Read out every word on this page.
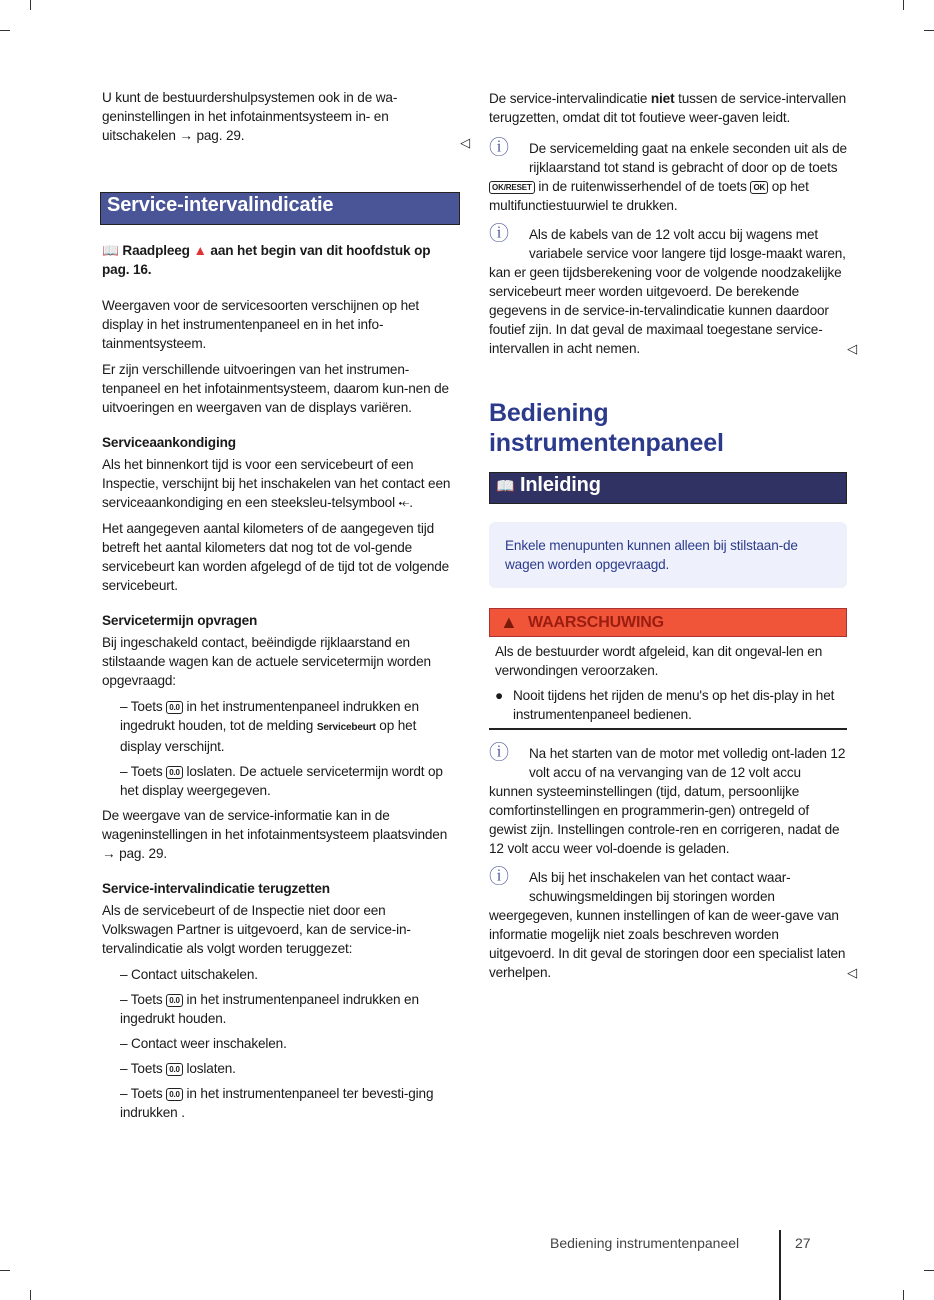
U kunt de bestuurdershulpsystemen ook in de wa-geninstellingen in het infotainmentsysteem in- en uitschakelen → pag. 29.	◁
Service-intervalindicatie
📖 Raadpleeg ▲ aan het begin van dit hoofdstuk op pag. 16.
Weergaven voor de servicesoorten verschijnen op het display in het instrumentenpaneel en in het info-tainmentsysteem.
Er zijn verschillende uitvoeringen van het instrumen-tenpaneel en het infotainmentsysteem, daarom kun-nen de uitvoeringen en weergaven van de displays variëren.
Serviceaankondiging
Als het binnenkort tijd is voor een servicebeurt of een Inspectie, verschijnt bij het inschakelen van het contact een serviceaankondiging en een steeksleu-telsymbool ⤝.
Het aangegeven aantal kilometers of de aangegeven tijd betreft het aantal kilometers dat nog tot de vol-gende servicebeurt kan worden afgelegd of de tijd tot de volgende servicebeurt.
Servicetermijn opvragen
Bij ingeschakeld contact, beëindigde rijklaarstand en stilstaande wagen kan de actuele servicetermijn worden opgevraagd:
– Toets 0.0 in het instrumentenpaneel indrukken en ingedrukt houden, tot de melding Servicebeurt op het display verschijnt.
– Toets 0.0 loslaten. De actuele servicetermijn wordt op het display weergegeven.
De weergave van de service-informatie kan in de wageninstellingen in het infotainmentsysteem plaatsvinden → pag. 29.
Service-intervalindicatie terugzetten
Als de servicebeurt of de Inspectie niet door een Volkswagen Partner is uitgevoerd, kan de service-in-tervalindicatie als volgt worden teruggezet:
– Contact uitschakelen.
– Toets 0.0 in het instrumentenpaneel indrukken en ingedrukt houden.
– Contact weer inschakelen.
– Toets 0.0 loslaten.
– Toets 0.0 in het instrumentenpaneel ter bevesti-ging indrukken .
De service-intervalindicatie niet tussen de service-intervallen terugzetten, omdat dit tot foutieve weer-gaven leidt.
ⓘ	De servicemelding gaat na enkele seconden uit als de rijklaarstand tot stand is gebracht of door op de toets OK/RESET in de ruitenwisserhendel of de toets OK op het multifunctiestuurwiel te drukken.
ⓘ	Als de kabels van de 12 volt accu bij wagens met variabele service voor langere tijd losge-maakt waren, kan er geen tijdsberekening voor de volgende noodzakelijke servicebeurt meer worden uitgevoerd. De berekende gegevens in de service-in-tervalindicatie kunnen daardoor foutief zijn. In dat geval de maximaal toegestane service-intervallen in acht nemen.	◁
Bediening instrumentenpaneel
📖 Inleiding
Enkele menupunten kunnen alleen bij stilstaan-de wagen worden opgevraagd.
▲ WAARSCHUWING
Als de bestuurder wordt afgeleid, kan dit ongeval-len en verwondingen veroorzaken.
● Nooit tijdens het rijden de menu's op het dis-play in het instrumentenpaneel bedienen.
ⓘ	Na het starten van de motor met volledig ont-laden 12 volt accu of na vervanging van de 12 volt accu kunnen systeeminstellingen (tijd, datum, persoonlijke comfortinstellingen en programmerin-gen) ontregeld of gewist zijn. Instellingen controle-ren en corrigeren, nadat de 12 volt accu weer vol-doende is geladen.
ⓘ	Als bij het inschakelen van het contact waar-schuwingsmeldingen bij storingen worden weergegeven, kunnen instellingen of kan de weer-gave van informatie mogelijk niet zoals beschreven worden uitgevoerd. In dit geval de storingen door een specialist laten verhelpen.	◁
Bediening instrumentenpaneel	27
